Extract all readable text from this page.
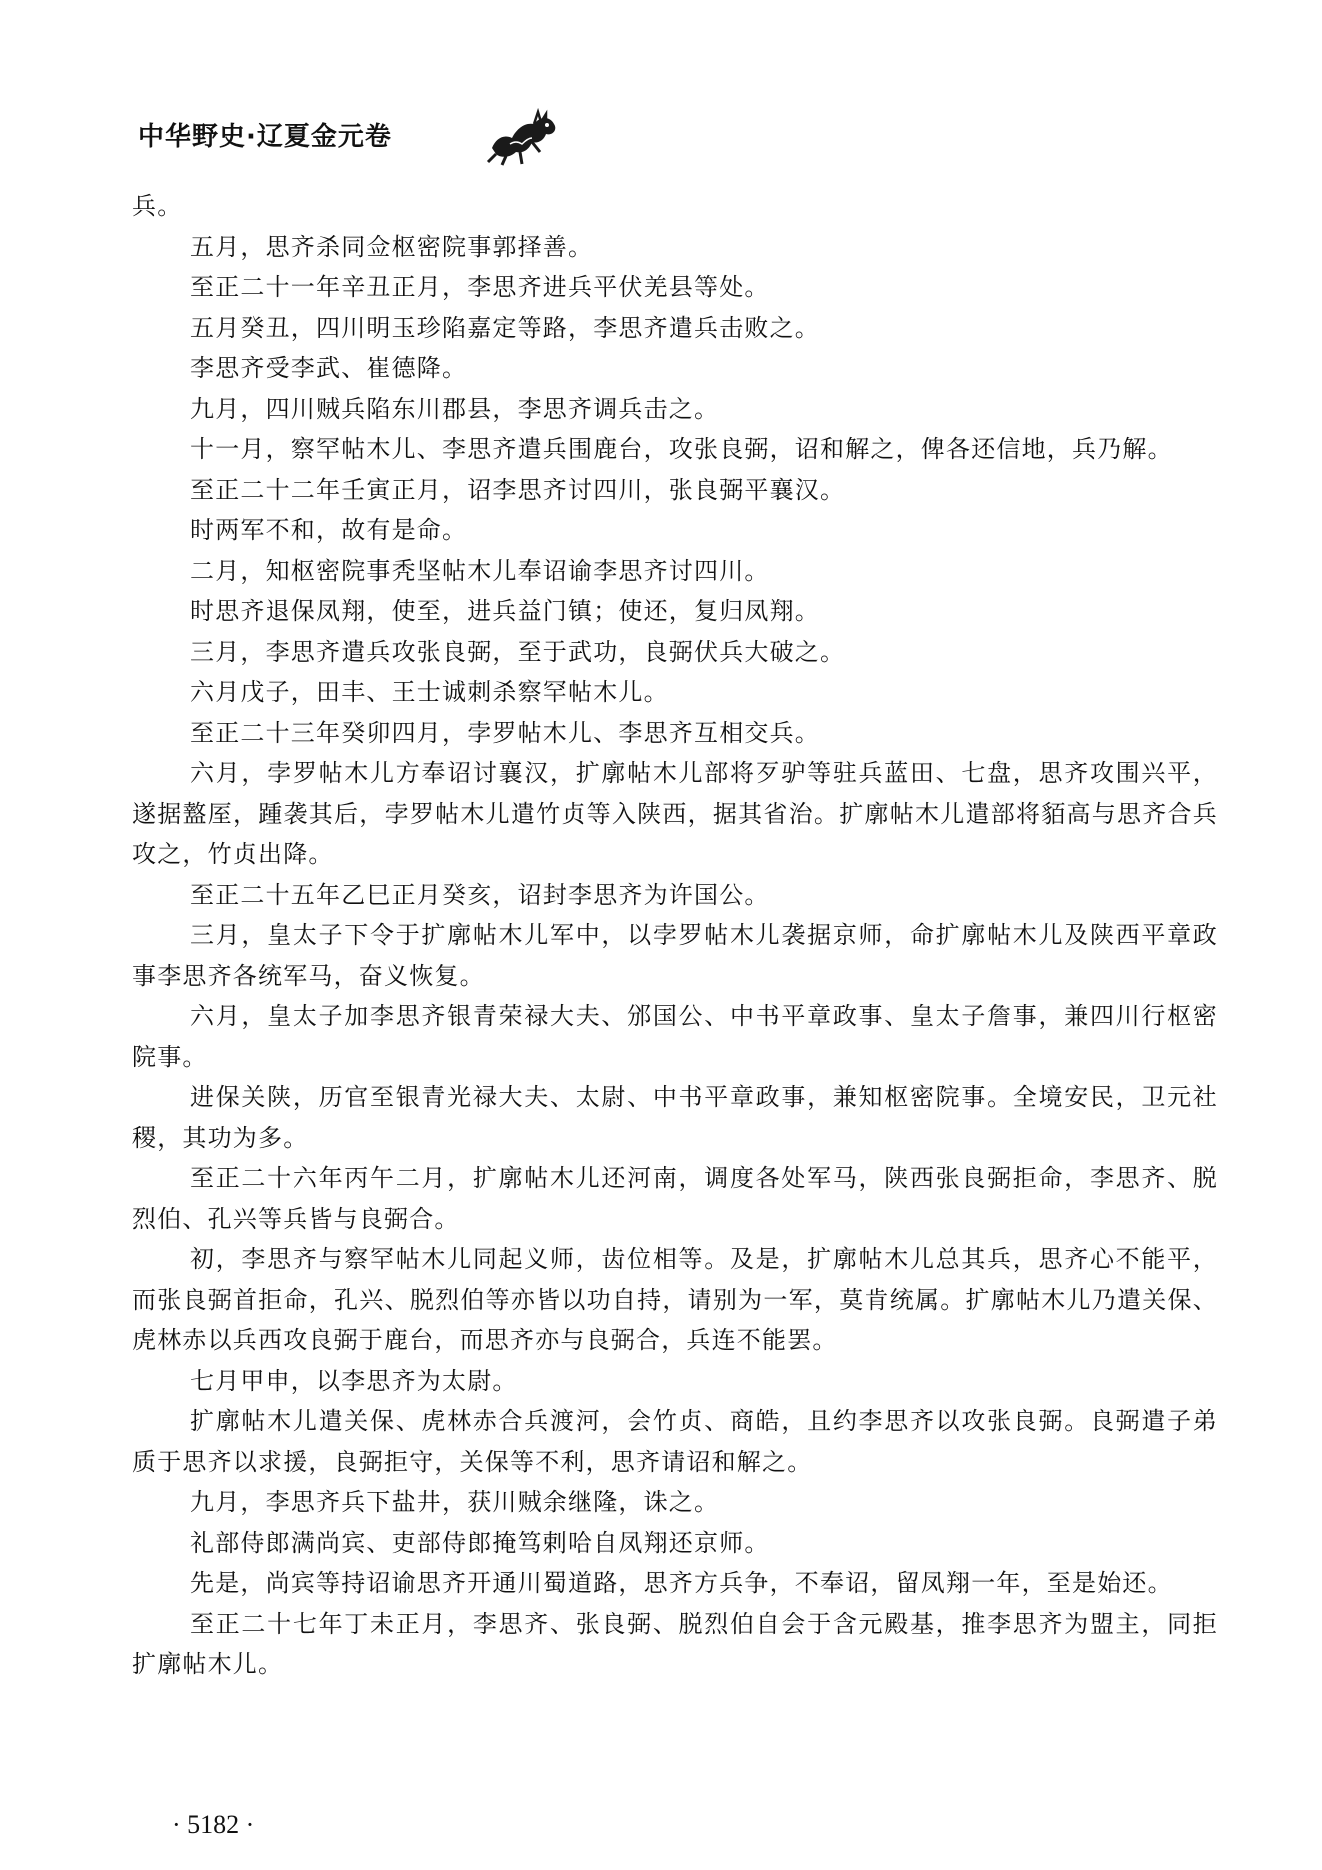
中华野史·辽夏金元卷

兵。

五月，思齐杀同佥枢密院事郭择善。

至正二十一年辛丑正月，李思齐进兵平伏羌县等处。

五月癸丑，四川明玉珍陷嘉定等路，李思齐遣兵击败之。

李思齐受李武、崔德降。

九月，四川贼兵陷东川郡县，李思齐调兵击之。

十一月，察罕帖木儿、李思齐遣兵围鹿台，攻张良弼，诏和解之，俾各还信地，兵乃解。

至正二十二年壬寅正月，诏李思齐讨四川，张良弼平襄汉。

时两军不和，故有是命。

二月，知枢密院事秃坚帖木儿奉诏谕李思齐讨四川。

时思齐退保凤翔，使至，进兵益门镇；使还，复归凤翔。

三月，李思齐遣兵攻张良弼，至于武功，良弼伏兵大破之。

六月戊子，田丰、王士诚刺杀察罕帖木儿。

至正二十三年癸卯四月，孛罗帖木儿、李思齐互相交兵。

六月，孛罗帖木儿方奉诏讨襄汉，扩廓帖木儿部将歹驴等驻兵蓝田、七盘，思齐攻围兴平，遂据盩厔，踵袭其后，孛罗帖木儿遣竹贞等入陕西，据其省治。扩廓帖木儿遣部将貊高与思齐合兵攻之，竹贞出降。

至正二十五年乙巳正月癸亥，诏封李思齐为许国公。

三月，皇太子下令于扩廓帖木儿军中，以孛罗帖木儿袭据京师，命扩廓帖木儿及陕西平章政事李思齐各统军马，奋义恢复。

六月，皇太子加李思齐银青荣禄大夫、邠国公、中书平章政事、皇太子詹事，兼四川行枢密院事。

进保关陕，历官至银青光禄大夫、太尉、中书平章政事，兼知枢密院事。全境安民，卫元社稷，其功为多。

至正二十六年丙午二月，扩廓帖木儿还河南，调度各处军马，陕西张良弼拒命，李思齐、脱烈伯、孔兴等兵皆与良弼合。

初，李思齐与察罕帖木儿同起义师，齿位相等。及是，扩廓帖木儿总其兵，思齐心不能平，而张良弼首拒命，孔兴、脱烈伯等亦皆以功自持，请别为一军，莫肯统属。扩廓帖木儿乃遣关保、虎林赤以兵西攻良弼于鹿台，而思齐亦与良弼合，兵连不能罢。

七月甲申，以李思齐为太尉。

扩廓帖木儿遣关保、虎林赤合兵渡河，会竹贞、商皓，且约李思齐以攻张良弼。良弼遣子弟质于思齐以求援，良弼拒守，关保等不利，思齐请诏和解之。

九月，李思齐兵下盐井，获川贼余继隆，诛之。

礼部侍郎满尚宾、吏部侍郎掩笃剌哈自凤翔还京师。

先是，尚宾等持诏谕思齐开通川蜀道路，思齐方兵争，不奉诏，留凤翔一年，至是始还。

至正二十七年丁未正月，李思齐、张良弼、脱烈伯自会于含元殿基，推李思齐为盟主，同拒扩廓帖木儿。

· 5182 ·
